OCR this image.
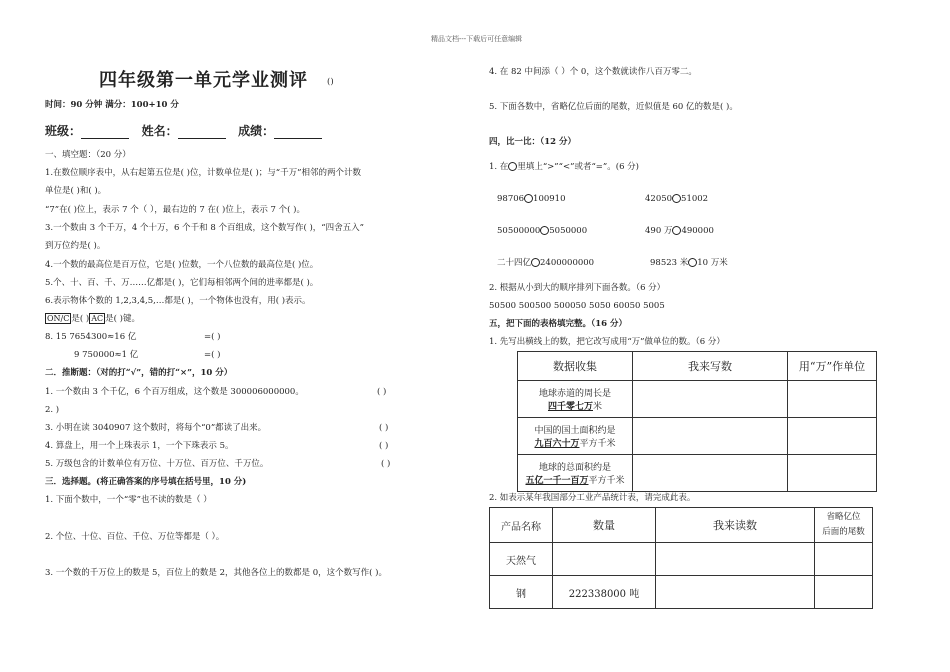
精品文档---下载后可任意编辑
四年级第一单元学业测评 ()
时间：90 分钟 满分：100+10 分
班级：	姓名：	成绩：
一、填空题：（20 分）
1.在数位顺序表中，从右起第五位是( )位，计数单位是( )；与“千万”相邻的两个计数
单位是( )和( )。
“7”在( )位上，表示 7 个（ ），最右边的 7 在( )位上，表示 7 个( )。
3.一个数由 3 个千万，4 个十万，6 个千和 8 个百组成，这个数写作( )，“四舍五入”
到万位约是( )。
4.一个数的最高位是百万位，它是( )位数，一个八位数的最高位是( )位。
5.个、十、百、千、万……亿都是( )，它们每相邻两个间的进率都是( )。
6.表示物体个数的 1,2,3,4,5,…都是( )，一个物体也没有，用( )表示。
ON/C 是( ) AC 是( )键。
8. 15 7654300≈16 亿	=( )
9 750000≈1 亿	=( )
二．推断题：（对的打“√”，错的打“×”，10 分）
1. 一个数由 3 个千亿，6 个百万组成，这个数是 300006000000。	( )
2. )
3. 小明在读 3040907 这个数时，将每个“0”都读了出来。	( )
4. 算盘上，用一个上珠表示 1，一个下珠表示 5。	( )
5. 万级包含的计数单位有万位、十万位、百万位、千万位。	( )
三．选择题。(将正确答案的序号填在括号里，10 分)
1. 下面个数中，一个“零”也不读的数是（ ）
2. 个位、十位、百位、千位、万位等都是（ ）。
3. 一个数的千万位上的数是 5，百位上的数是 2，其他各位上的数都是 0，这个数写作( )。
4. 在 82 中间添（ ）个 0，这个数就读作八百万零二。
5. 下面各数中，省略亿位后面的尾数，近似值是 60 亿的数是( )。
四，比一比：（12 分）
1. 在 里填上“>”“<”或者“=”。(6 分)
98706 100910	42050 51002
50500000 5050000	490 万 490000
二十四亿 2400000000	98523 米 10 万米
2. 根据从小到大的顺序排列下面各数。（6 分）
50500 500500 500050 5050 60050 5005
五，把下面的表格填完整。（16 分）
1. 先写出横线上的数，把它改写成用“万”做单位的数。（6 分）
数据收集	我来写数	用“万”作单位

地球赤道的周长是
四千零七万米		

中国的国土面积约是
九百六十万平方千米		

地球的总面积约是
五亿一千一百万平方千米		

2. 如表示某年我国部分工业产品统计表，请完成此表。
产品名称	数量	我来读数	省略亿位
后面的尾数

天然气			
钢	222338000 吨		
